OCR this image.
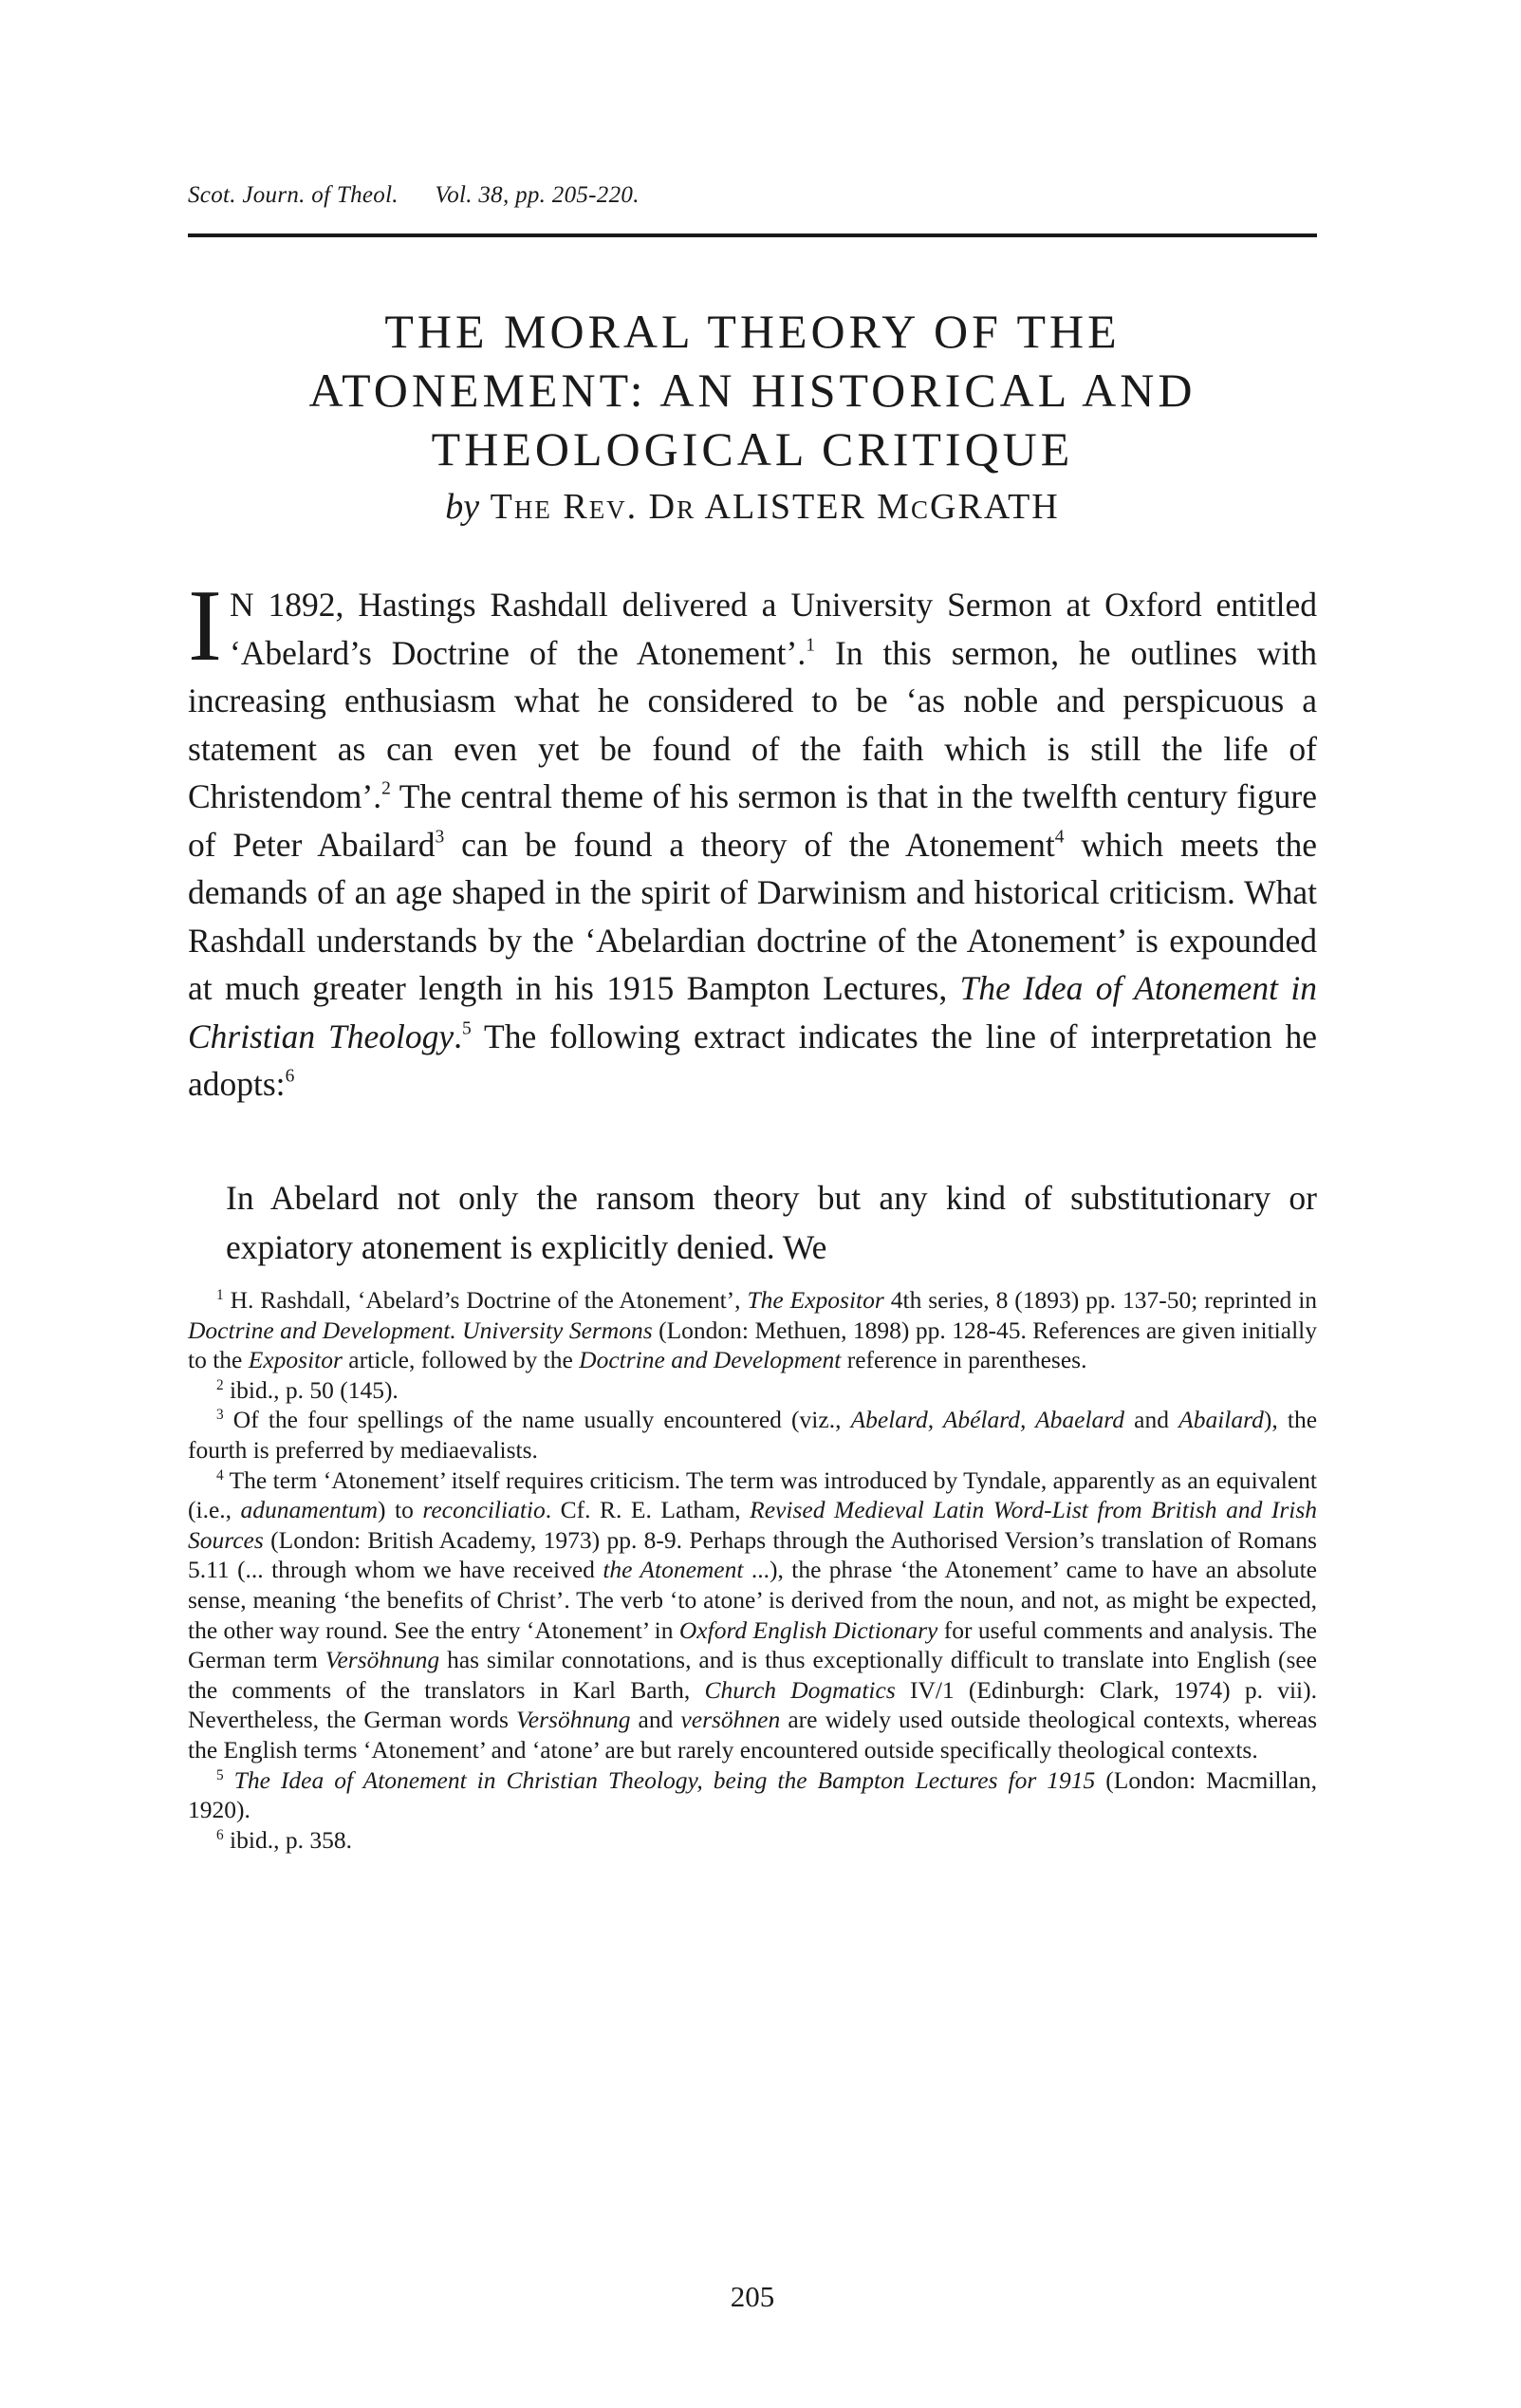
Scot. Journ. of Theol. Vol. 38, pp. 205-220.
THE MORAL THEORY OF THE
ATONEMENT: AN HISTORICAL AND
THEOLOGICAL CRITIQUE
by The Rev. Dr ALISTER McGRATH

I N 1892, Hastings Rashdall delivered a University Sermon at Oxford entitled ‘Abelard’s Doctrine of the Atonement’.$^1$ In this sermon, he outlines with increasing enthusiasm what he considered to be ‘as noble and perspicuous a statement as can even yet be found of the faith which is still the life of Christendom’.$^2$ The central theme of his sermon is that in the twelfth century figure of Peter Abailard$^3$ can be found a theory of the Atonement$^4$ which meets the demands of an age shaped in the spirit of Darwinism and historical criticism. What Rashdall understands by the ‘Abelardian doctrine of the Atonement’ is expounded at much greater length in his 1915 Bampton Lectures, The Idea of Atonement in Christian Theology.$^5$ The following extract indicates the line of interpretation he adopts:$^6$

In Abelard not only the ransom theory but any kind of substitutionary or expiatory atonement is explicitly denied. We

$^1$ H. Rashdall, ‘Abelard’s Doctrine of the Atonement’, The Expositor 4th series, 8 (1893) pp. 137-50; reprinted in Doctrine and Development. University Sermons (London: Methuen, 1898) pp. 128-45. References are given initially to the Expositor article, followed by the Doctrine and Development reference in parentheses.

$^2$ ibid., p. 50 (145).

$^3$ Of the four spellings of the name usually encountered (viz., Abelard, Abélard, Abaelard and Abailard), the fourth is preferred by mediaevalists.

$^4$ The term ‘Atonement’ itself requires criticism. The term was introduced by Tyndale, apparently as an equivalent (i.e., adunamentum) to reconciliatio. Cf. R. E. Latham, Revised Medieval Latin Word-List from British and Irish Sources (London: British Academy, 1973) pp. 8-9. Perhaps through the Authorised Version’s translation of Romans 5.11 (... through whom we have received the Atonement ...), the phrase ‘the Atonement’ came to have an absolute sense, meaning ‘the benefits of Christ’. The verb ‘to atone’ is derived from the noun, and not, as might be expected, the other way round. See the entry ‘Atonement’ in Oxford English Dictionary for useful comments and analysis. The German term Versöhnung has similar connotations, and is thus exceptionally difficult to translate into English (see the comments of the translators in Karl Barth, Church Dogmatics IV/1 (Edinburgh: Clark, 1974) p. vii). Nevertheless, the German words Versöhnung and versöhnen are widely used outside theological contexts, whereas the English terms ‘Atonement’ and ‘atone’ are but rarely encountered outside specifically theological contexts.

$^5$ The Idea of Atonement in Christian Theology, being the Bampton Lectures for 1915 (London: Macmillan, 1920).

$^6$ ibid., p. 358.

205
